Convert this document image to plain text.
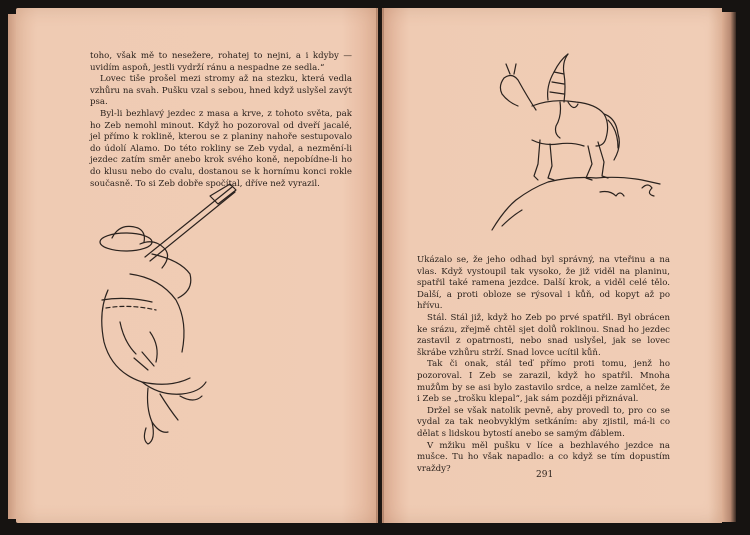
toho, však mě to nesežere, rohatej to nejni, a i kdyby — uvidím aspoň, jestli vydrží ránu a nespadne ze sedla.“

Lovec tiše prošel mezi stromy až na stezku, která vedla vzhůru na svah. Pušku vzal s sebou, hned když uslyšel zavýt psa.

Byl-li bezhlavý jezdec z masa a krve, z tohoto světa, pak ho Zeb nemohl minout. Když ho pozoroval od dveří jacalé, jel přímo k roklině, kterou se z planiny nahoře sestupovalo do údolí Alamo. Do této rokliny se Zeb vydal, a nezmění-li jezdec zatím směr anebo krok svého koně, nepobídne-li ho do klusu nebo do cvalu, dostanou se k hornímu konci rokle současně. To si Zeb dobře spočítal, dříve než vyrazil.

Ukázalo se, že jeho odhad byl správný, na vteřinu a na vlas. Když vystoupil tak vysoko, že již viděl na planinu, spatřil také ramena jezdce. Další krok, a viděl celé tělo. Další, a proti obloze se rýsoval i kůň, od kopyt až po hřívu.

Stál. Stál již, když ho Zeb po prvé spatřil. Byl obrácen ke srázu, zřejmě chtěl sjet dolů roklinou. Snad ho jezdec zastavil z opatrnosti, nebo snad uslyšel, jak se lovec škrábe vzhůru strží. Snad lovce ucítil kůň.

Tak či onak, stál teď přímo proti tomu, jenž ho pozoroval. I Zeb se zarazil, když ho spatřil. Mnoha mužům by se asi bylo zastavilo srdce, a nelze zamlčet, že i Zeb se „trošku klepal“, jak sám později přiznával.

Držel se však natolik pevně, aby provedl to, pro co se vydal za tak neobvyklým setkáním: aby zjistil, má-li co dělat s lidskou bytostí anebo se samým ďáblem.

V mžiku měl pušku v líce a bezhlavého jezdce na mušce. Tu ho však napadlo: a co když se tím dopustím vraždy?

291
